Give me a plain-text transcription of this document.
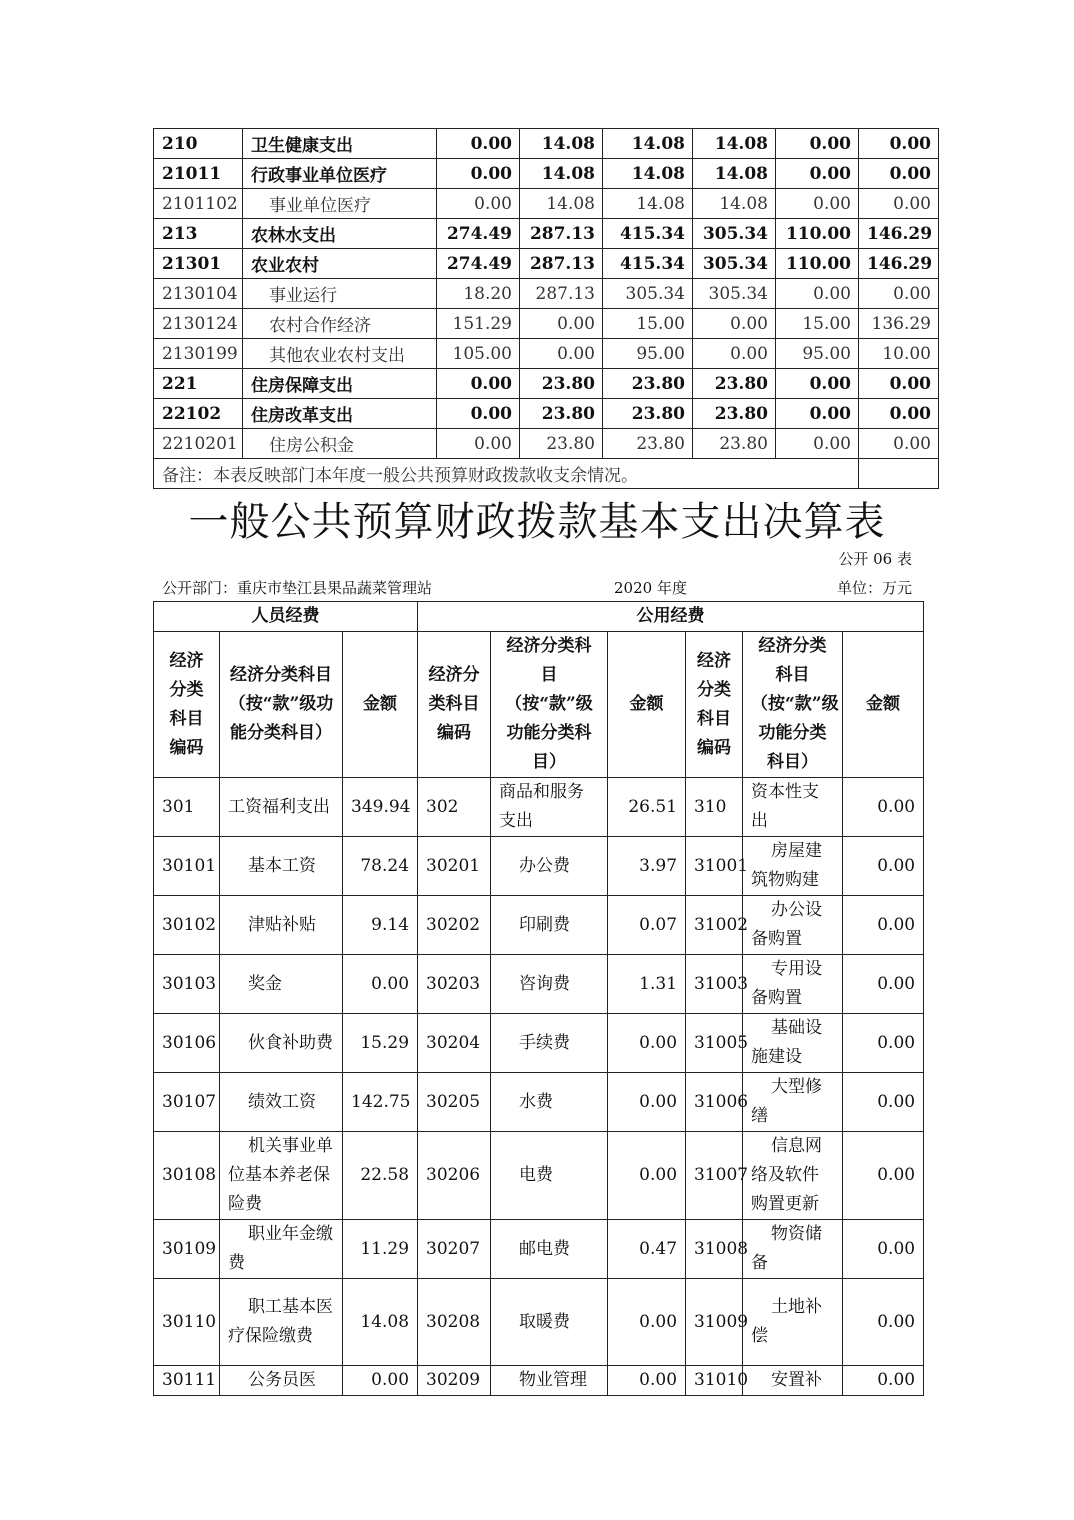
210	卫生健康支出	0.00	14.08	14.08	14.08	0.00	0.00
21011	行政事业单位医疗	0.00	14.08	14.08	14.08	0.00	0.00
2101102	事业单位医疗	0.00	14.08	14.08	14.08	0.00	0.00
213	农林水支出	274.49	287.13	415.34	305.34	110.00	146.29
21301	农业农村	274.49	287.13	415.34	305.34	110.00	146.29
2130104	事业运行	18.20	287.13	305.34	305.34	0.00	0.00
2130124	农村合作经济	151.29	0.00	15.00	0.00	15.00	136.29
2130199	其他农业农村支出	105.00	0.00	95.00	0.00	95.00	10.00
221	住房保障支出	0.00	23.80	23.80	23.80	0.00	0.00
22102	住房改革支出	0.00	23.80	23.80	23.80	0.00	0.00
2210201	住房公积金	0.00	23.80	23.80	23.80	0.00	0.00
备注：本表反映部门本年度一般公共预算财政拨款收支余情况。							
一般公共预算财政拨款基本支出决算表
公开 06 表
公开部门：重庆市垫江县果品蔬菜管理站	2020 年度	单位：万元
人员经费			公用经费					
经济分类科目编码	经济分类科目（按“款”级功能分类科目）	金额	经济分类科目编码	经济分类科目（按“款”级功能分类科目）	金额	经济分类科目编码	经济分类科目（按“款”级功能分类科目）	金额
301	工资福利支出	349.94	302	商品和服务支出	26.51	310	资本性支出	0.00
30101	基本工资	78.24	30201	办公费	3.97	31001	房屋建筑物购建	0.00
30102	津贴补贴	9.14	30202	印刷费	0.07	31002	办公设备购置	0.00
30103	奖金	0.00	30203	咨询费	1.31	31003	专用设备购置	0.00
30106	伙食补助费	15.29	30204	手续费	0.00	31005	基础设施建设	0.00
30107	绩效工资	142.75	30205	水费	0.00	31006	大型修缮	0.00
30108	机关事业单位基本养老保险费	22.58	30206	电费	0.00	31007	信息网络及软件购置更新	0.00
30109	职业年金缴费	11.29	30207	邮电费	0.47	31008	物资储备	0.00
30110	职工基本医疗保险缴费	14.08	30208	取暖费	0.00	31009	土地补偿	0.00
30111	公务员医	0.00	30209	物业管理	0.00	31010	安置补	0.00
